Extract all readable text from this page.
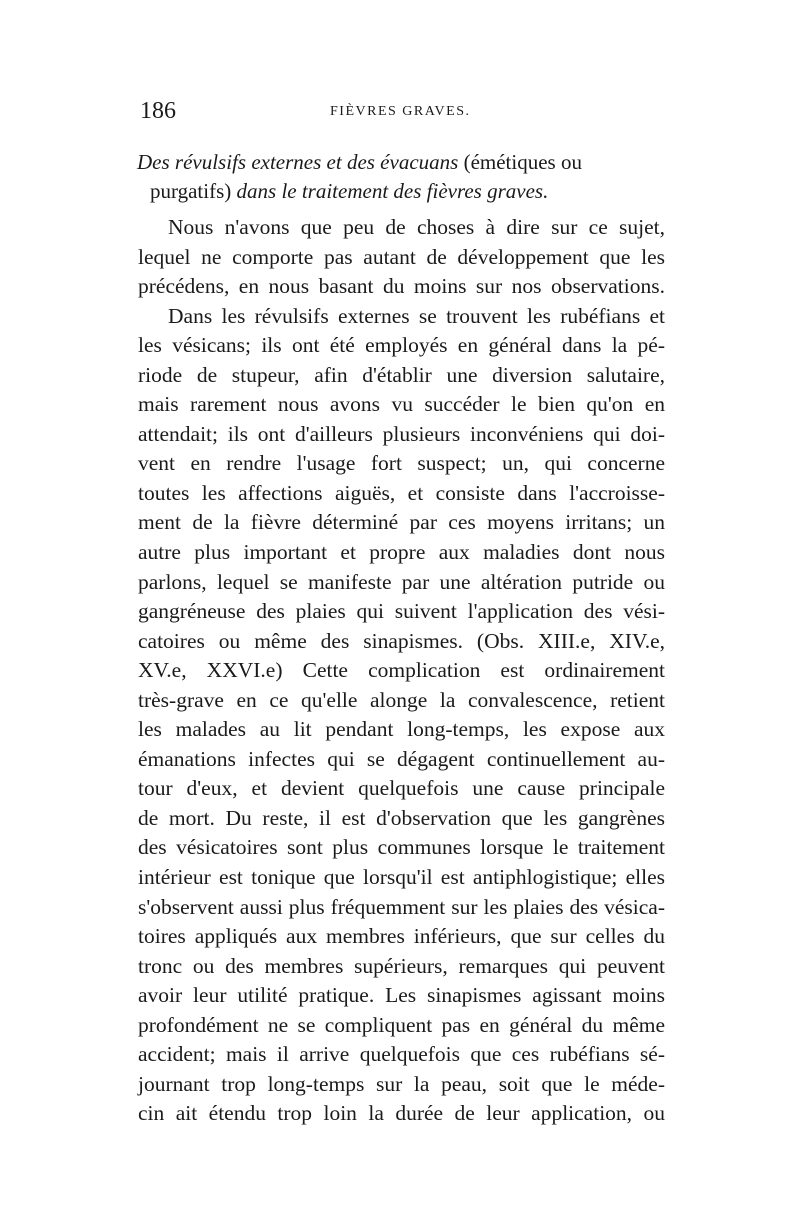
186	FIÈVRES GRAVES.
Des révulsifs externes et des évacuans (émétiques ou
purgatifs) dans le traitement des fièvres graves.
Nous n'avons que peu de choses à dire sur ce sujet,
lequel ne comporte pas autant de développement que les
précédens, en nous basant du moins sur nos observations.
Dans les révulsifs externes se trouvent les rubéfians et
les vésicans; ils ont été employés en général dans la pé-
riode de stupeur, afin d'établir une diversion salutaire,
mais rarement nous avons vu succéder le bien qu'on en
attendait; ils ont d'ailleurs plusieurs inconvéniens qui doi-
vent en rendre l'usage fort suspect; un, qui concerne
toutes les affections aiguës, et consiste dans l'accroisse-
ment de la fièvre déterminé par ces moyens irritans; un
autre plus important et propre aux maladies dont nous
parlons, lequel se manifeste par une altération putride ou
gangréneuse des plaies qui suivent l'application des vési-
catoires ou même des sinapismes. (Obs. XIII.e, XIV.e,
XV.e, XXVI.e) Cette complication est ordinairement
très-grave en ce qu'elle alonge la convalescence, retient
les malades au lit pendant long-temps, les expose aux
émanations infectes qui se dégagent continuellement au-
tour d'eux, et devient quelquefois une cause principale
de mort. Du reste, il est d'observation que les gangrènes
des vésicatoires sont plus communes lorsque le traitement
intérieur est tonique que lorsqu'il est antiphlogistique; elles
s'observent aussi plus fréquemment sur les plaies des vésica-
toires appliqués aux membres inférieurs, que sur celles du
tronc ou des membres supérieurs, remarques qui peuvent
avoir leur utilité pratique. Les sinapismes agissant moins
profondément ne se compliquent pas en général du même
accident; mais il arrive quelquefois que ces rubéfians sé-
journant trop long-temps sur la peau, soit que le méde-
cin ait étendu trop loin la durée de leur application, ou
